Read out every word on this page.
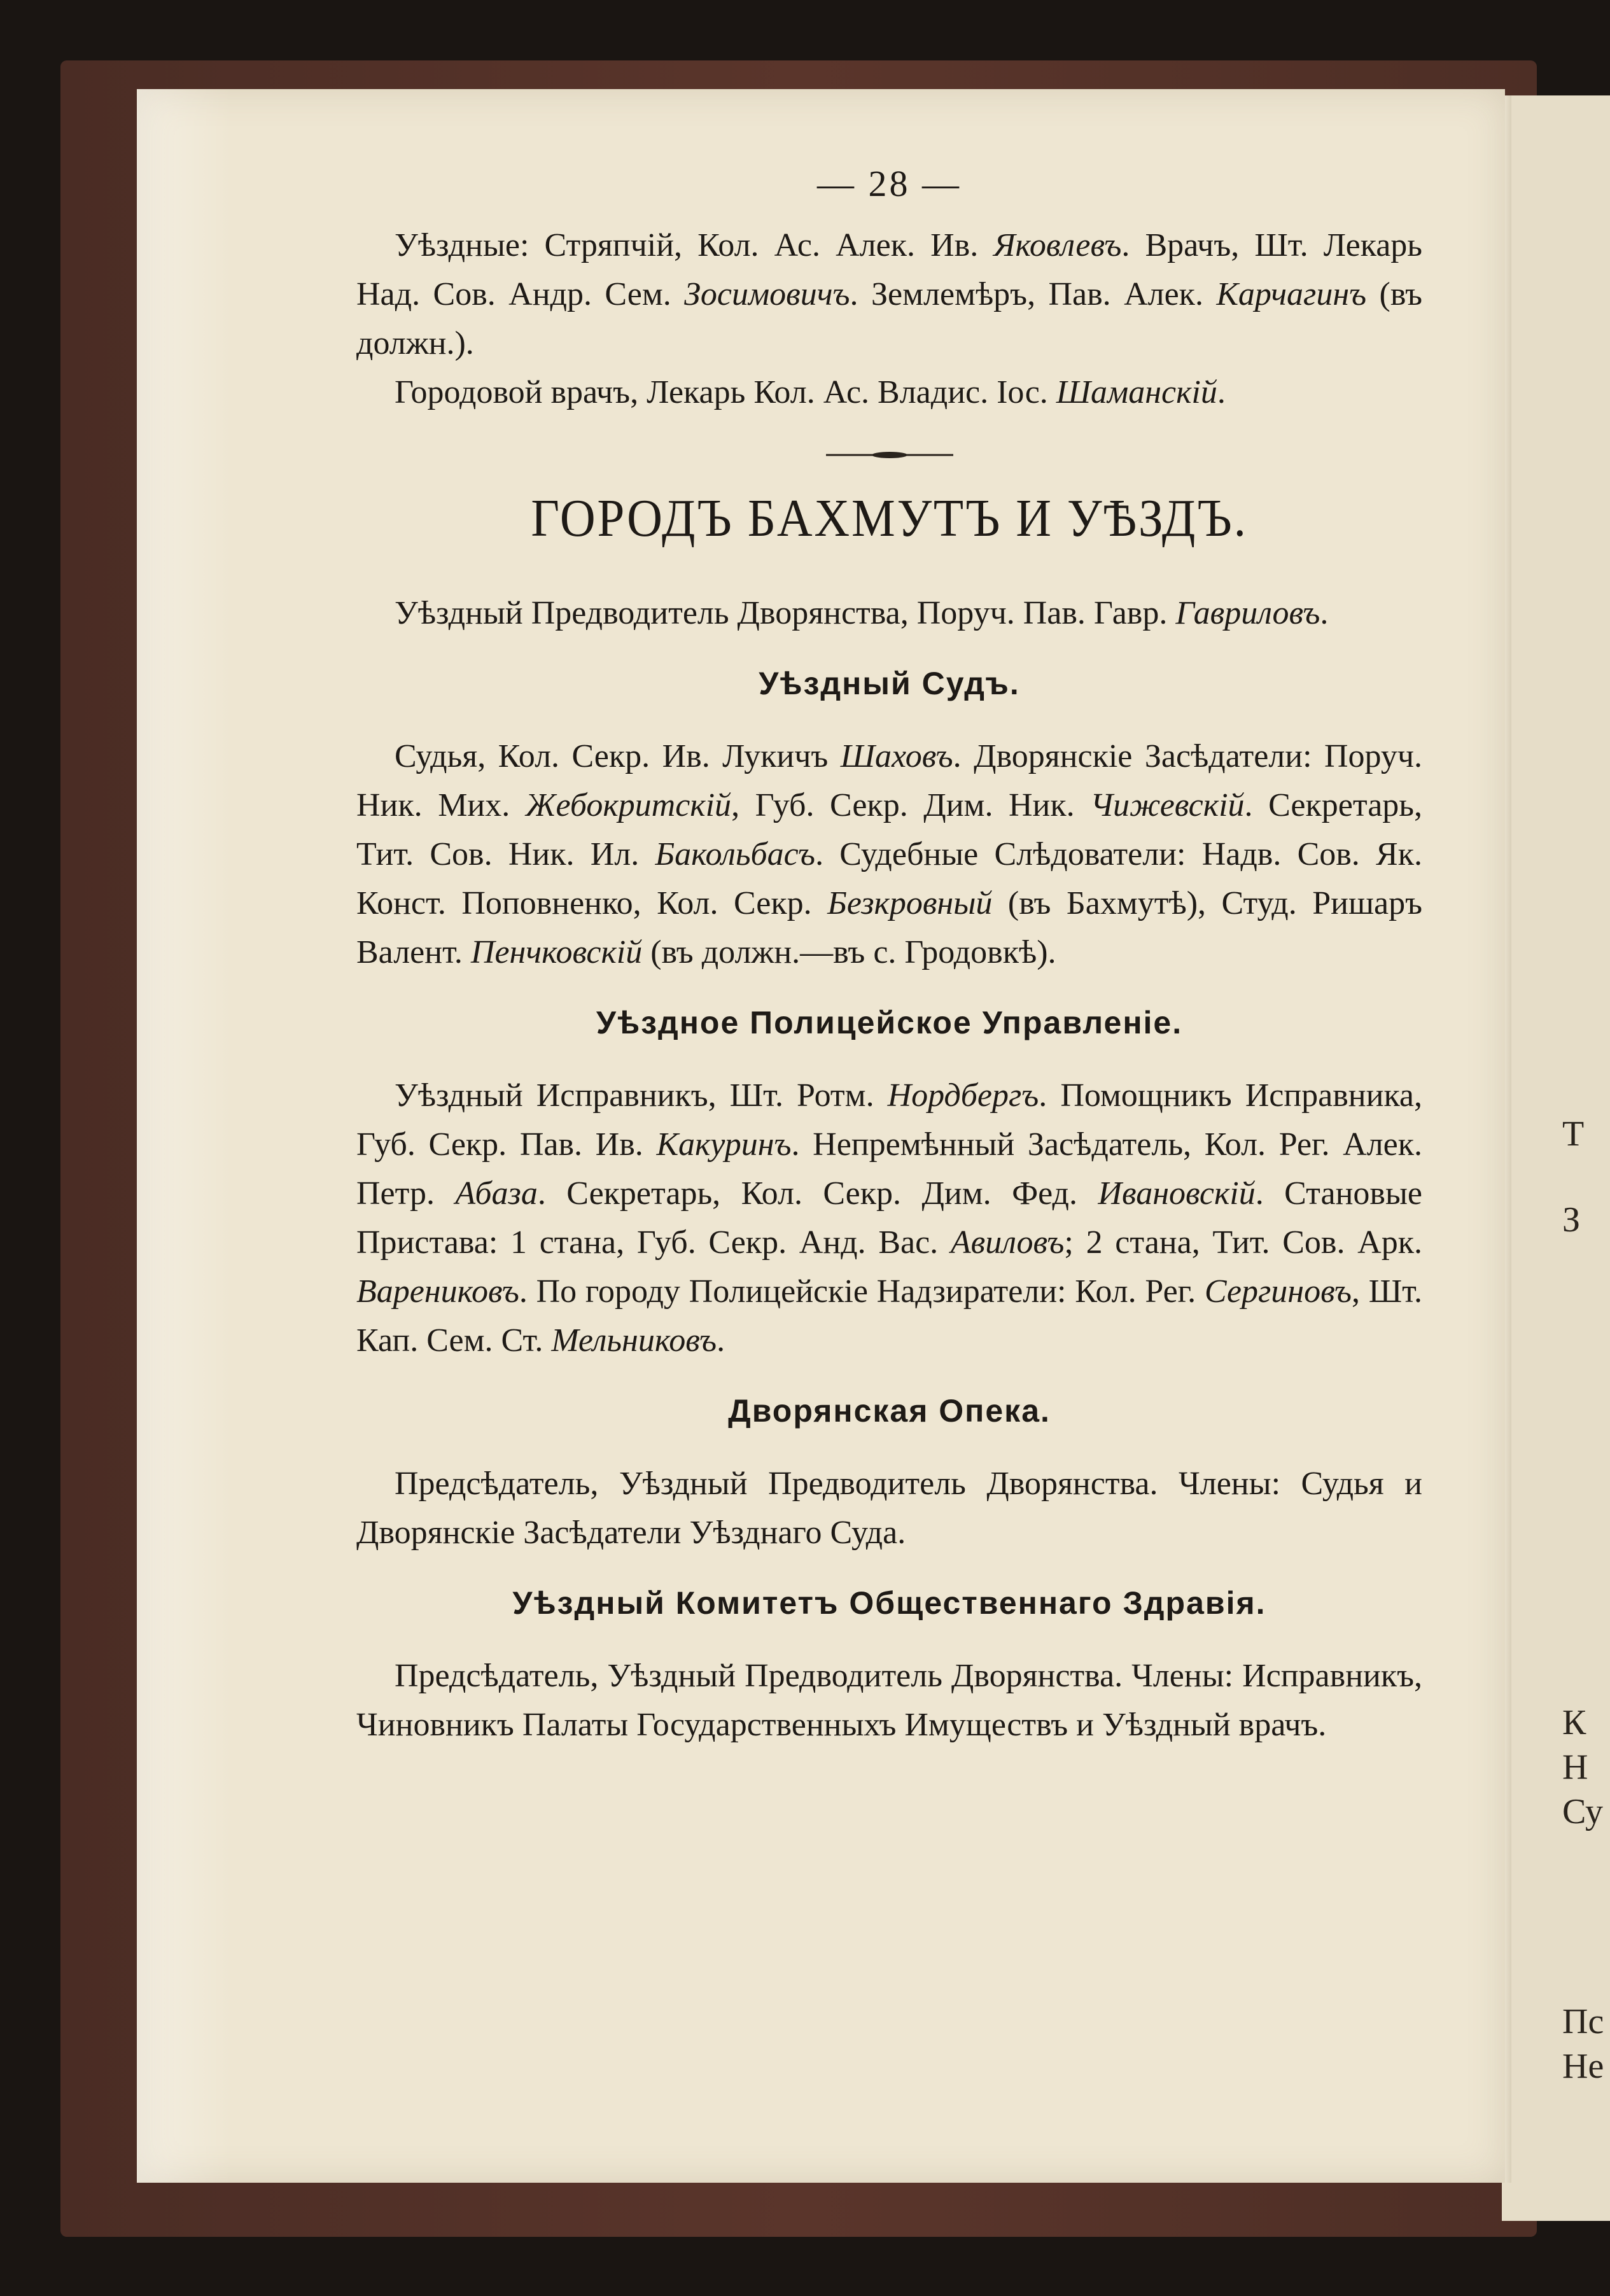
Т
З
К
Н
Су
Пс
Не
— 28 —

Уѣздные: Стряпчій, Кол. Ас. Алек. Ив. Яковлевъ. Врачъ, Шт. Лекарь Над. Сов. Андр. Сем. Зосимовичъ. Землемѣръ, Пав. Алек. Карчагинъ (въ должн.).

Городовой врачъ, Лекарь Кол. Ас. Владис. Іос. Шаманскій.

ГОРОДЪ БАХМУТЪ И УѢЗДЪ.

Уѣздный Предводитель Дворянства, Поруч. Пав. Гавр. Гавриловъ.

Уѣздный Судъ.

Судья, Кол. Секр. Ив. Лукичъ Шаховъ. Дворянскіе Засѣдатели: Поруч. Ник. Мих. Жебокритскій, Губ. Секр. Дим. Ник. Чижевскій. Секретарь, Тит. Сов. Ник. Ил. Бакольбасъ. Судебные Слѣдователи: Надв. Сов. Як. Конст. Поповненко, Кол. Секр. Безкровный (въ Бахмутѣ), Студ. Ришаръ Валент. Пенчковскій (въ должн.—въ с. Гродовкѣ).

Уѣздное Полицейское Управленіе.

Уѣздный Исправникъ, Шт. Ротм. Нордбергъ. Помощникъ Исправника, Губ. Секр. Пав. Ив. Какуринъ. Непремѣнный Засѣдатель, Кол. Рег. Алек. Петр. Абаза. Секретарь, Кол. Секр. Дим. Фед. Ивановскій. Становые Пристава: 1 стана, Губ. Секр. Анд. Вас. Авиловъ; 2 стана, Тит. Сов. Арк. Варениковъ. По городу Полицейскіе Надзиратели: Кол. Рег. Сергиновъ, Шт. Кап. Сем. Ст. Мельниковъ.

Дворянская Опека.

Предсѣдатель, Уѣздный Предводитель Дворянства. Члены: Судья и Дворянскіе Засѣдатели Уѣзднаго Суда.

Уѣздный Комитетъ Общественнаго Здравія.

Предсѣдатель, Уѣздный Предводитель Дворянства. Члены: Исправникъ, Чиновникъ Палаты Государственныхъ Имуществъ и Уѣздный врачъ.
